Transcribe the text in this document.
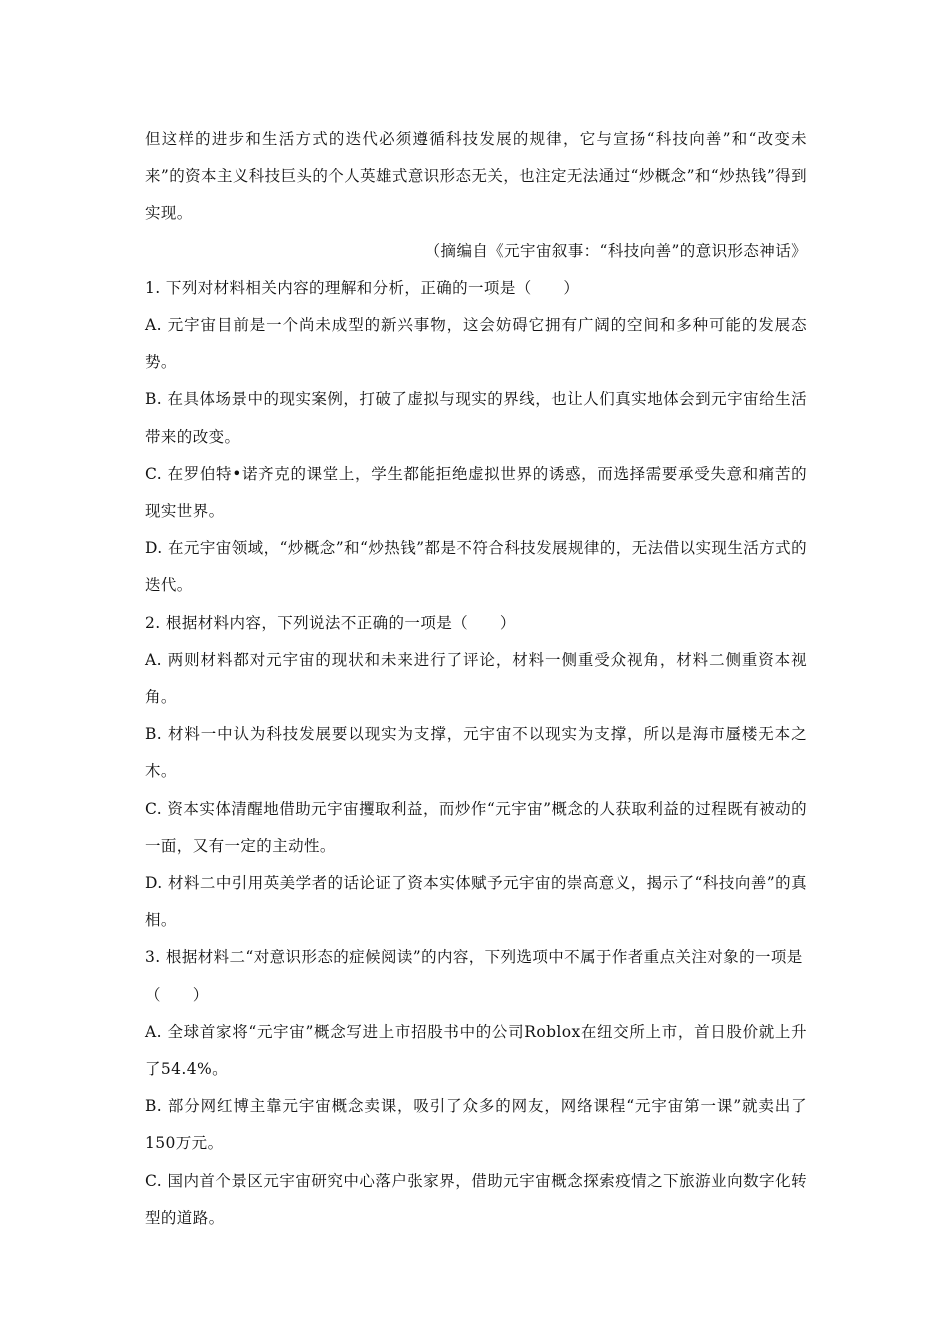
但这样的进步和生活方式的迭代必须遵循科技发展的规律，它与宣扬“科技向善”和“改变未来”的资本主义科技巨头的个人英雄式意识形态无关，也注定无法通过“炒概念”和“炒热钱”得到实现。

（摘编自《元宇宙叙事：“科技向善”的意识形态神话》

1. 下列对材料相关内容的理解和分析，正确的一项是（　　）

A. 元宇宙目前是一个尚未成型的新兴事物，这会妨碍它拥有广阔的空间和多种可能的发展态势。

B. 在具体场景中的现实案例，打破了虚拟与现实的界线，也让人们真实地体会到元宇宙给生活带来的改变。

C. 在罗伯特•诺齐克的课堂上，学生都能拒绝虚拟世界的诱惑，而选择需要承受失意和痛苦的现实世界。

D. 在元宇宙领域，“炒概念”和“炒热钱”都是不符合科技发展规律的，无法借以实现生活方式的迭代。

2. 根据材料内容，下列说法不正确的一项是（　　）

A. 两则材料都对元宇宙的现状和未来进行了评论，材料一侧重受众视角，材料二侧重资本视角。

B. 材料一中认为科技发展要以现实为支撑，元宇宙不以现实为支撑，所以是海市蜃楼无本之木。

C. 资本实体清醒地借助元宇宙攫取利益，而炒作“元宇宙”概念的人获取利益的过程既有被动的一面，又有一定的主动性。

D. 材料二中引用英美学者的话论证了资本实体赋予元宇宙的崇高意义，揭示了“科技向善”的真相。

3. 根据材料二“对意识形态的症候阅读”的内容，下列选项中不属于作者重点关注对象的一项是（　　）

A. 全球首家将“元宇宙”概念写进上市招股书中的公司Roblox在纽交所上市，首日股价就上升了54.4%。

B. 部分网红博主靠元宇宙概念卖课，吸引了众多的网友，网络课程“元宇宙第一课”就卖出了150万元。

C. 国内首个景区元宇宙研究中心落户张家界，借助元宇宙概念探索疫情之下旅游业向数字化转型的道路。
